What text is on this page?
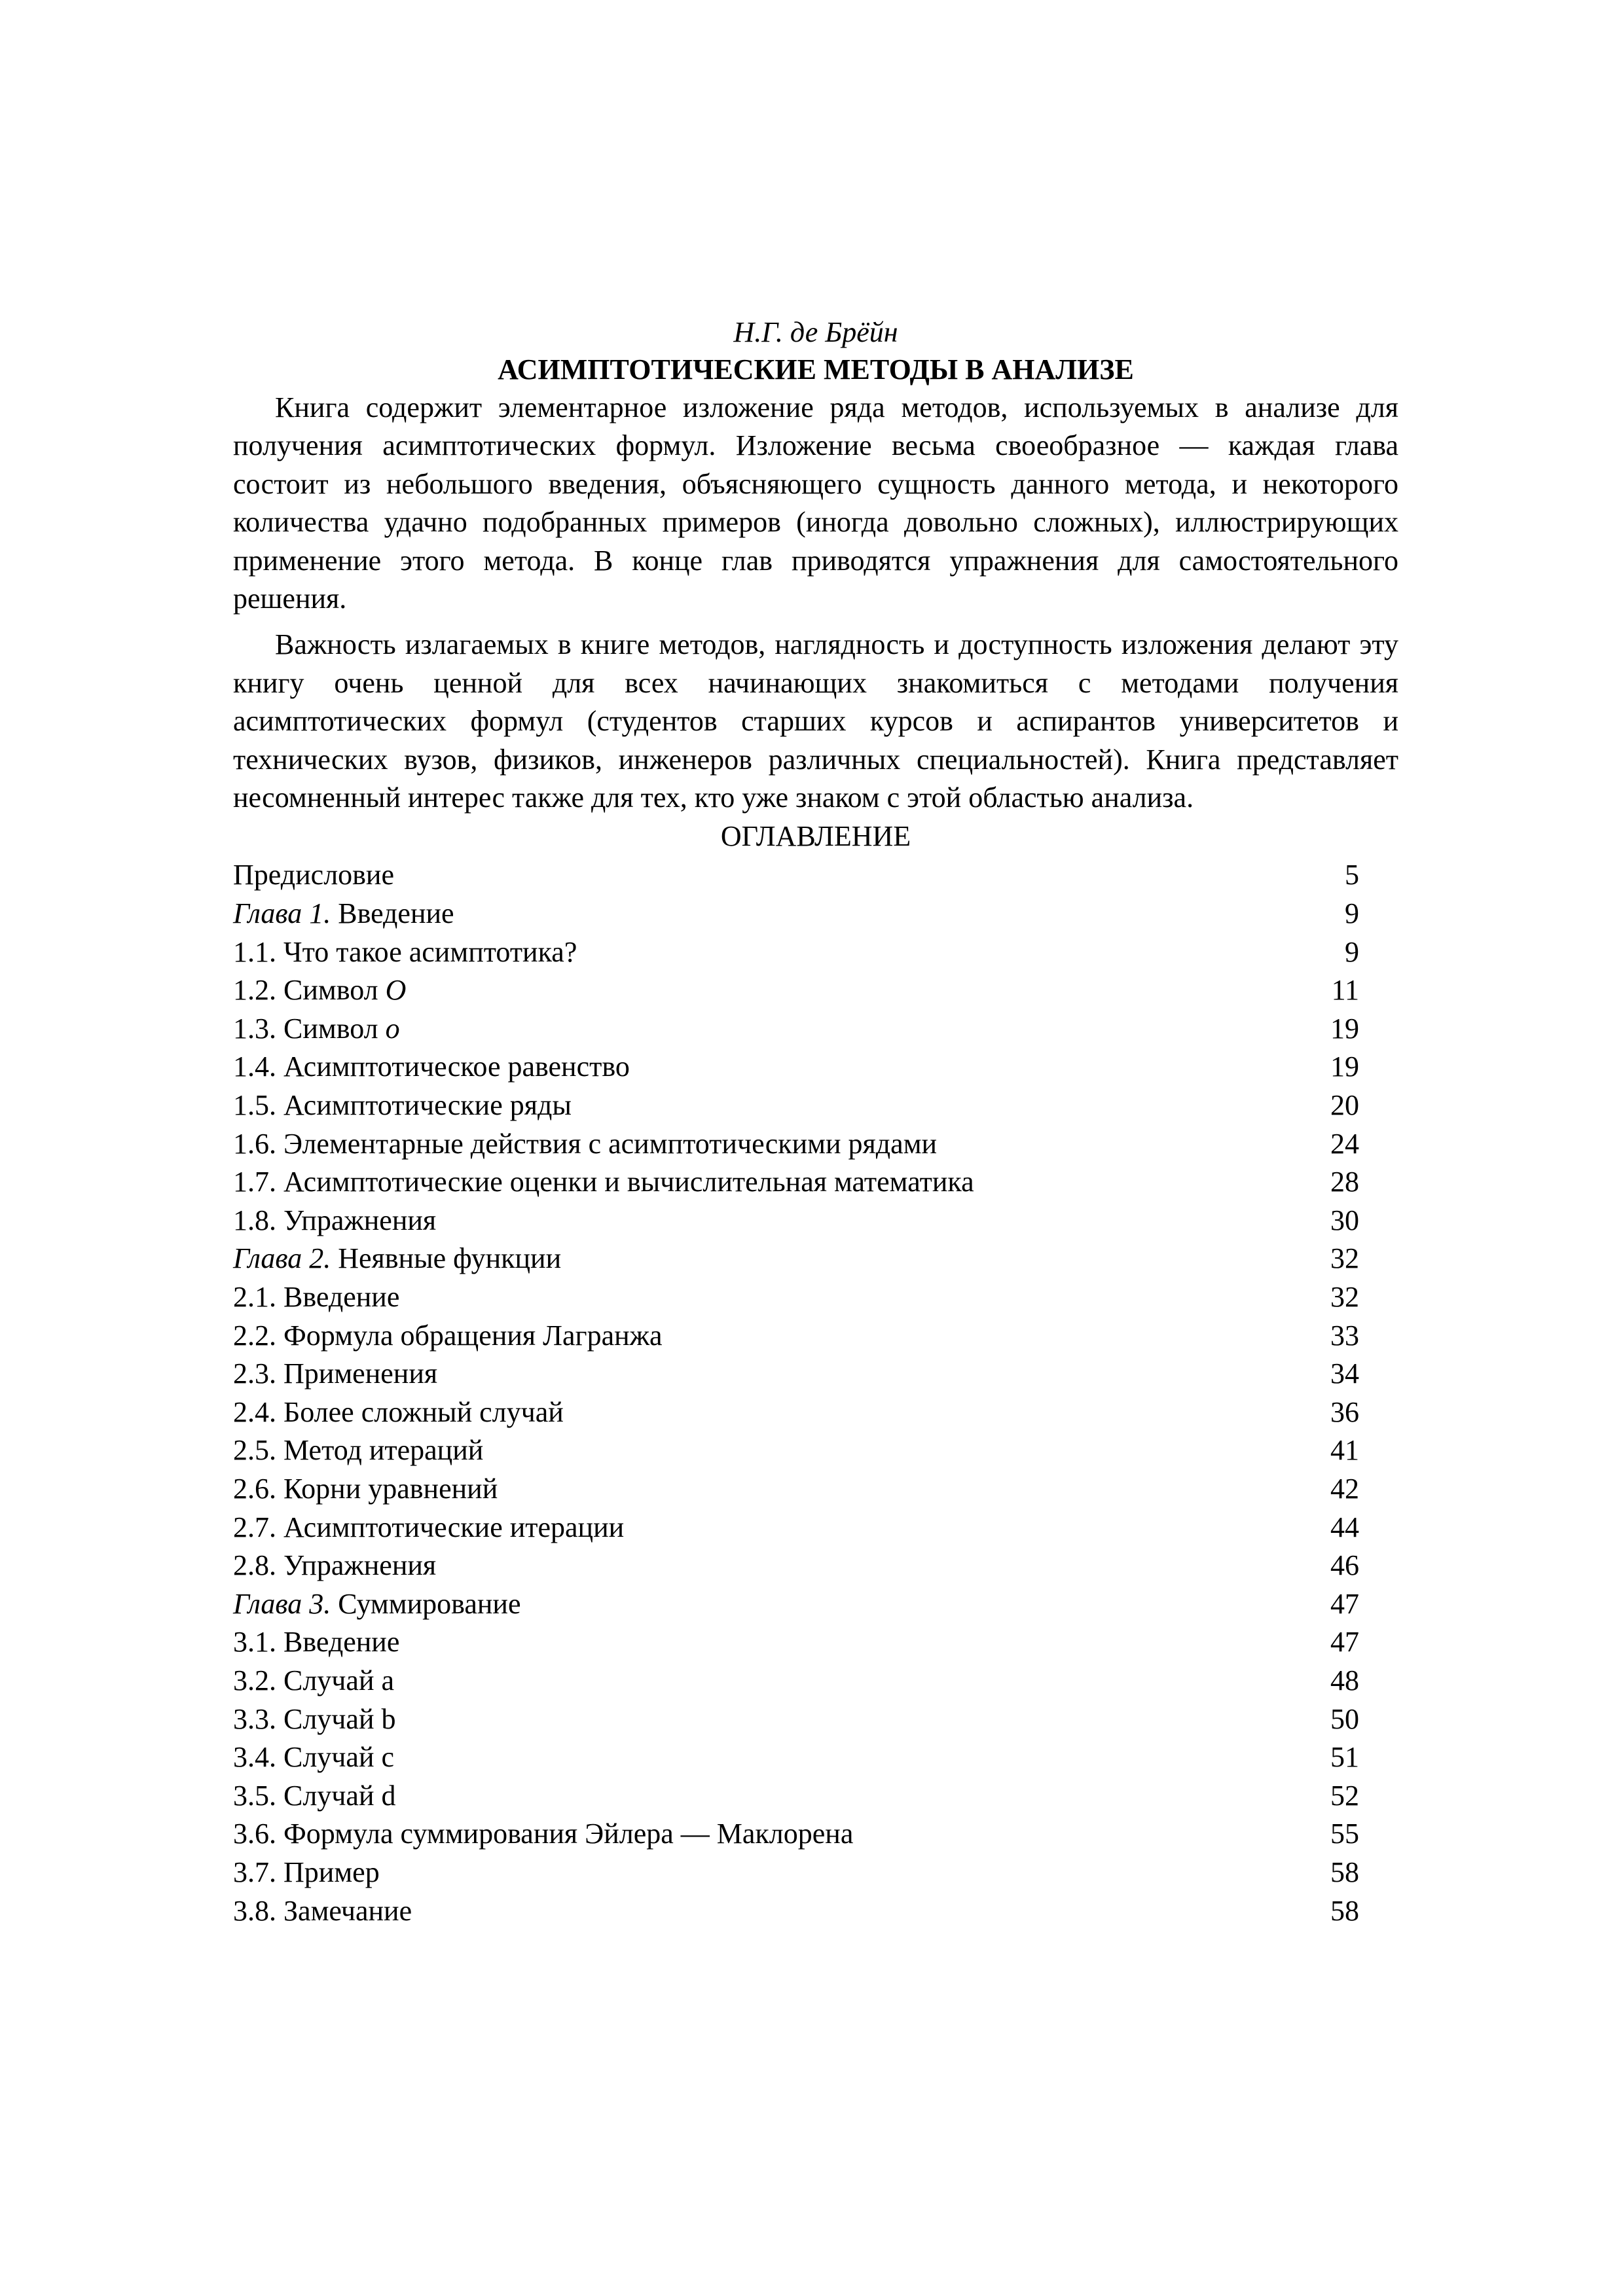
Н.Г. де Брёйн
АСИМПТОТИЧЕСКИЕ МЕТОДЫ В АНАЛИЗЕ

Книга содержит элементарное изложение ряда методов, используемых в анализе для получения асимптотических формул. Изложение весьма своеобразное — каждая глава состоит из небольшого введения, объясняющего сущность данного метода, и некоторого количества удачно подобранных примеров (иногда довольно сложных), иллюстрирующих применение этого метода. В конце глав приводятся упражнения для самостоятельного решения.

Важность излагаемых в книге методов, наглядность и доступность изложения делают эту книгу очень ценной для всех начинающих знакомиться с методами получения асимптотических формул (студентов старших курсов и аспирантов университетов и технических вузов, физиков, инженеров различных специальностей). Книга представляет несомненный интерес также для тех, кто уже знаком с этой областью анализа.

ОГЛАВЛЕНИЕ
Предисловие	5
Глава 1. Введение	9
1.1. Что такое асимптотика?	9
1.2. Символ O	11
1.3. Символ o	19
1.4. Асимптотическое равенство	19
1.5. Асимптотические ряды	20
1.6. Элементарные действия с асимптотическими рядами	24
1.7. Асимптотические оценки и вычислительная математика	28
1.8. Упражнения	30
Глава 2. Неявные функции	32
2.1. Введение	32
2.2. Формула обращения Лагранжа	33
2.3. Применения	34
2.4. Более сложный случай	36
2.5. Метод итераций	41
2.6. Корни уравнений	42
2.7. Асимптотические итерации	44
2.8. Упражнения	46
Глава 3. Суммирование	47
3.1. Введение	47
3.2. Случай a	48
3.3. Случай b	50
3.4. Случай c	51
3.5. Случай d	52
3.6. Формула суммирования Эйлера — Маклорена	55
3.7. Пример	58
3.8. Замечание	58
